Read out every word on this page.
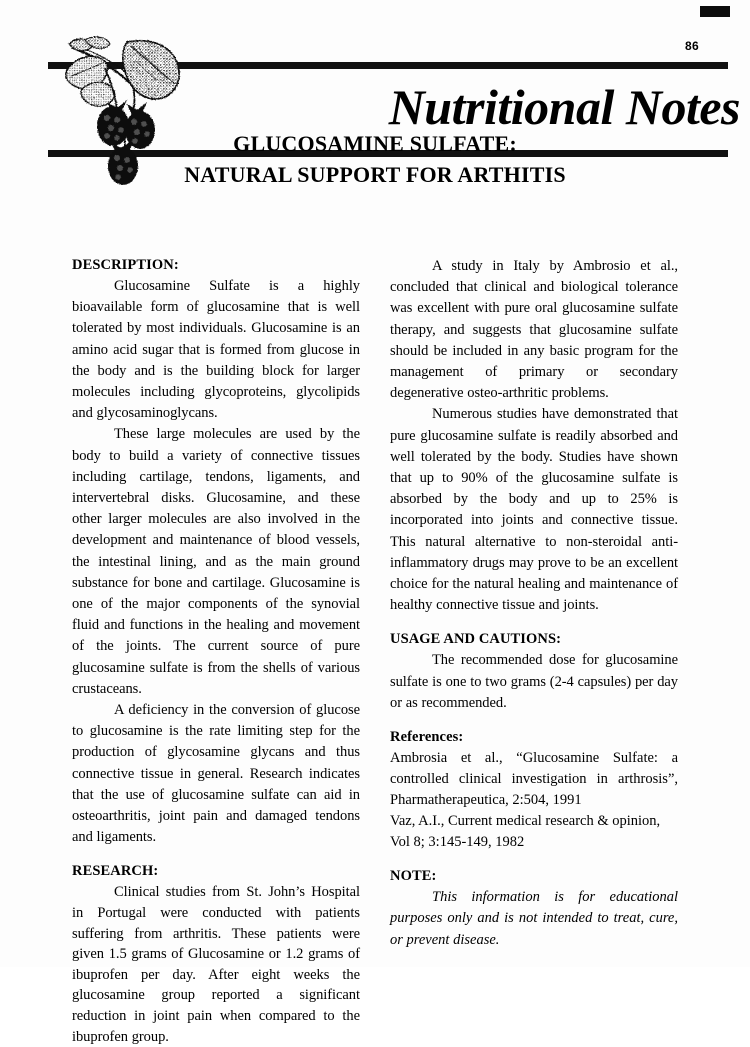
86
Nutritional Notes
GLUCOSAMINE SULFATE:
NATURAL SUPPORT FOR ARTHITIS
DESCRIPTION:

Glucosamine Sulfate is a highly bioavailable form of glucosamine that is well tolerated by most individuals. Glucosamine is an amino acid sugar that is formed from glucose in the body and is the building block for larger molecules including glycoproteins, glycolipids and glycosaminoglycans.

These large molecules are used by the body to build a variety of connective tissues including cartilage, tendons, ligaments, and intervertebral disks. Glucosamine, and these other larger molecules are also involved in the development and maintenance of blood vessels, the intestinal lining, and as the main ground substance for bone and cartilage. Glucosamine is one of the major components of the synovial fluid and functions in the healing and movement of the joints. The current source of pure glucosamine sulfate is from the shells of various crustaceans.

A deficiency in the conversion of glucose to glucosamine is the rate limiting step for the production of glycosamine glycans and thus connective tissue in general. Research indicates that the use of glucosamine sulfate can aid in osteoarthritis, joint pain and damaged tendons and ligaments.

RESEARCH:

Clinical studies from St. John’s Hospital in Portugal were conducted with patients suffering from arthritis. These patients were given 1.5 grams of Glucosamine or 1.2 grams of ibuprofen per day. After eight weeks the glucosamine group reported a significant reduction in joint pain when compared to the ibuprofen group.

A study in Italy by Ambrosio et al., concluded that clinical and biological tolerance was excellent with pure oral glucosamine sulfate therapy, and suggests that glucosamine sulfate should be included in any basic program for the management of primary or secondary degenerative osteo-arthritic problems.

Numerous studies have demonstrated that pure glucosamine sulfate is readily absorbed and well tolerated by the body. Studies have shown that up to 90% of the glucosamine sulfate is absorbed by the body and up to 25% is incorporated into joints and connective tissue. This natural alternative to non-steroidal anti-inflammatory drugs may prove to be an excellent choice for the natural healing and maintenance of healthy connective tissue and joints.

USAGE AND CAUTIONS:

The recommended dose for glucosamine sulfate is one to two grams (2-4 capsules) per day or as recommended.

References:

Ambrosia et al., “Glucosamine Sulfate: a controlled clinical investigation in arthrosis”, Pharmatherapeutica, 2:504, 1991

Vaz, A.I., Current medical research & opinion, Vol 8; 3:145-149, 1982

NOTE:

This information is for educational purposes only and is not intended to treat, cure, or prevent disease.
